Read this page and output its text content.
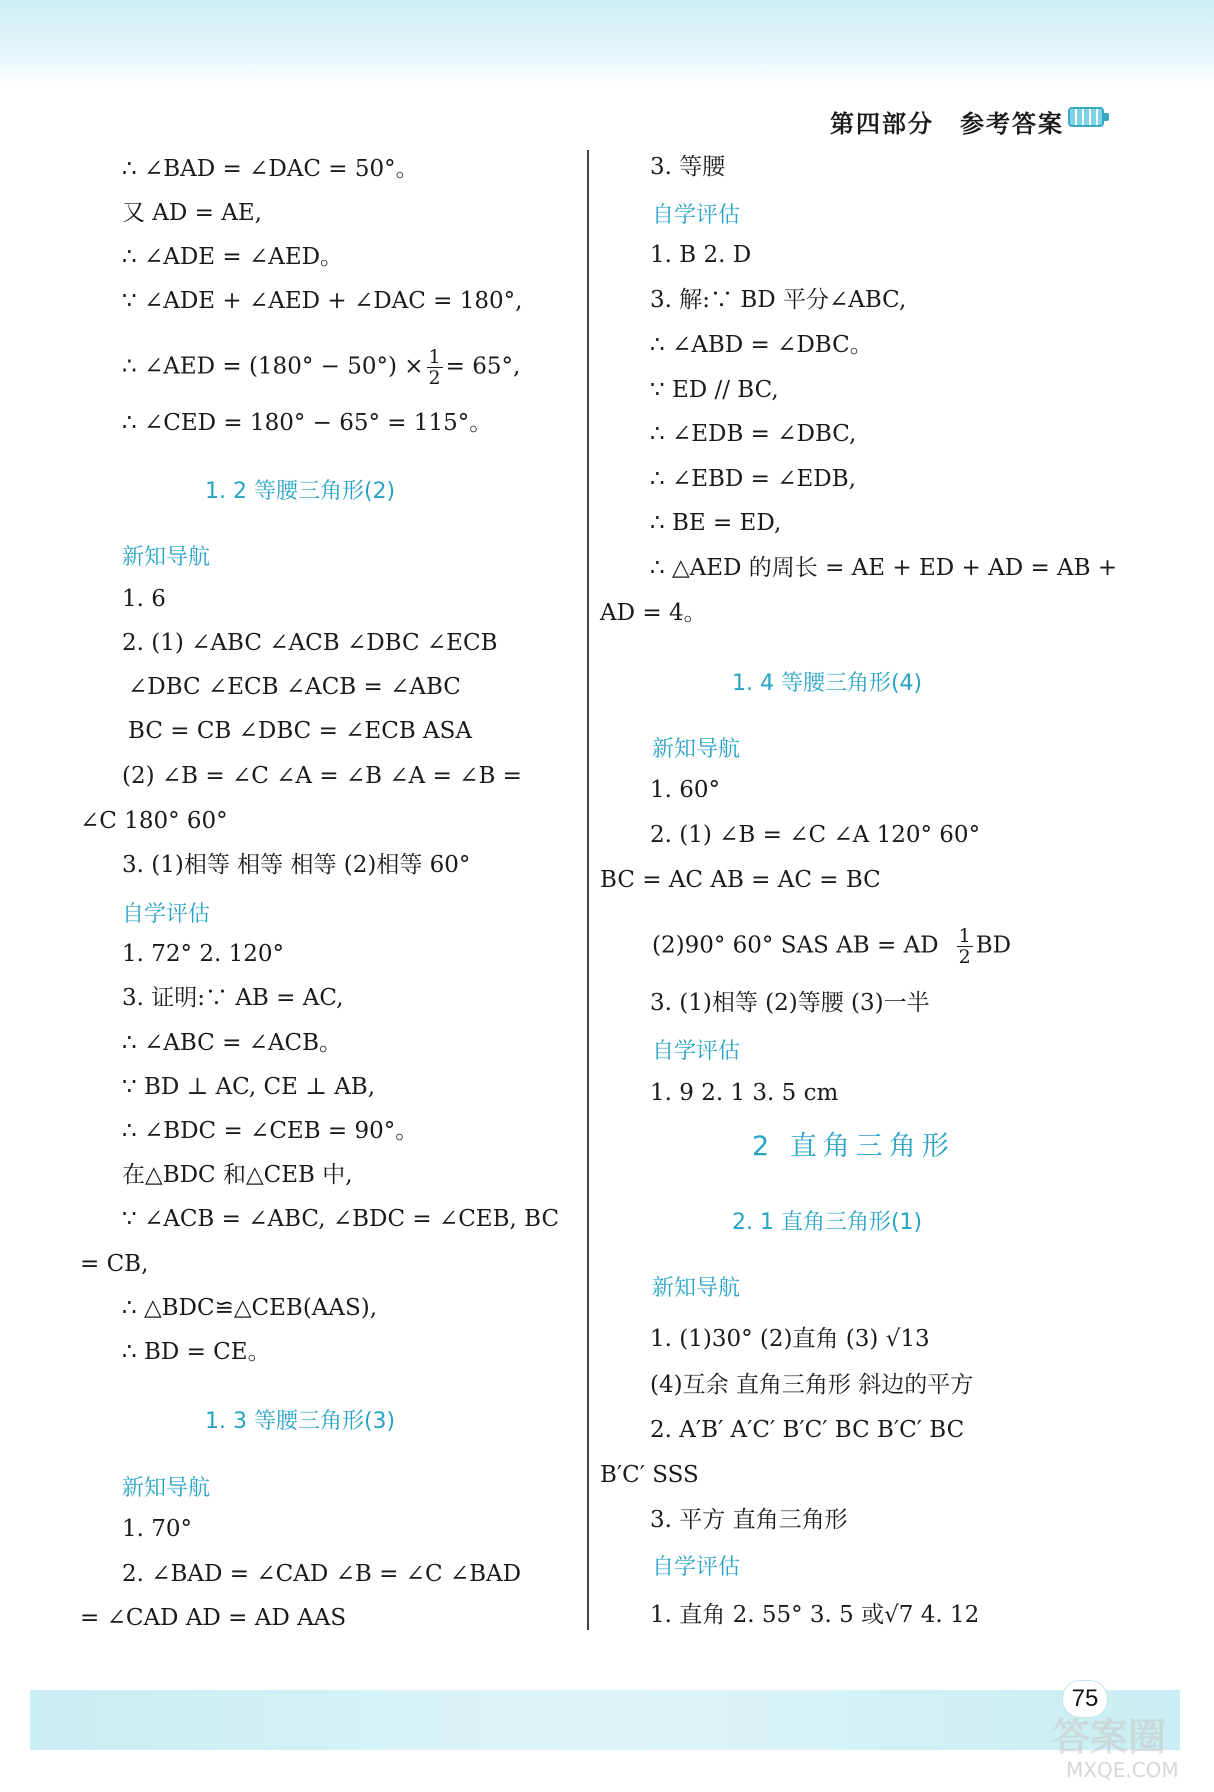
第四部分 参考答案
∴ ∠BAD = ∠DAC = 50°。
又 AD = AE,
∴ ∠ADE = ∠AED。
∵ ∠ADE + ∠AED + ∠DAC = 180°,
∴ ∠AED = $(180^\circ - 50^\circ) \times \frac{1}{2} = 65^\circ$,
∴ ∠CED = 180° − 65° = 115°。
1. 2 等腰三角形(2)
新知导航
1. 6
2. (1) ∠ABC ∠ACB ∠DBC ∠ECB
∠DBC ∠ECB ∠ACB = ∠ABC
BC = CB ∠DBC = ∠ECB ASA
(2) ∠B = ∠C ∠A = ∠B ∠A = ∠B =
∠C 180° 60°
3. (1)相等 相等 相等 (2)相等 60°
自学评估
1. 72° 2. 120°
3. 证明:∵ AB = AC,
∴ ∠ABC = ∠ACB。
∵ BD ⊥ AC, CE ⊥ AB,
∴ ∠BDC = ∠CEB = 90°。
在△BDC 和△CEB 中,
∵ ∠ACB = ∠ABC, ∠BDC = ∠CEB, BC
= CB,
∴ △BDC≌△CEB(AAS),
∴ BD = CE。
1. 3 等腰三角形(3)
新知导航
1. 70°
2. ∠BAD = ∠CAD ∠B = ∠C ∠BAD
= ∠CAD AD = AD AAS
3. 等腰
自学评估
1. B 2. D
3. 解:∵ BD 平分∠ABC,
∴ ∠ABD = ∠DBC。
∵ ED // BC,
∴ ∠EDB = ∠DBC,
∴ ∠EBD = ∠EDB,
∴ BE = ED,
∴ △AED 的周长 = AE + ED + AD = AB +
AD = 4。
1. 4 等腰三角形(4)
新知导航
1. 60°
2. (1) ∠B = ∠C ∠A 120° 60°
BC = AC AB = AC = BC
(2)90° 60° SAS AB = AD $\frac{1}{2}$ BD
3. (1)相等 (2)等腰 (3)一半
自学评估
1. 9 2. 1 3. 5 cm
2 直角三角形
2. 1 直角三角形(1)
新知导航
1. (1)30° (2)直角 (3) √13
(4)互余 直角三角形 斜边的平方
2. A′B′ A′C′ B′C′ BC B′C′ BC
B′C′ SSS
3. 平方 直角三角形
自学评估
1. 直角 2. 55° 3. 5 或√7 4. 12
75
答案圈
MXQE.COM
